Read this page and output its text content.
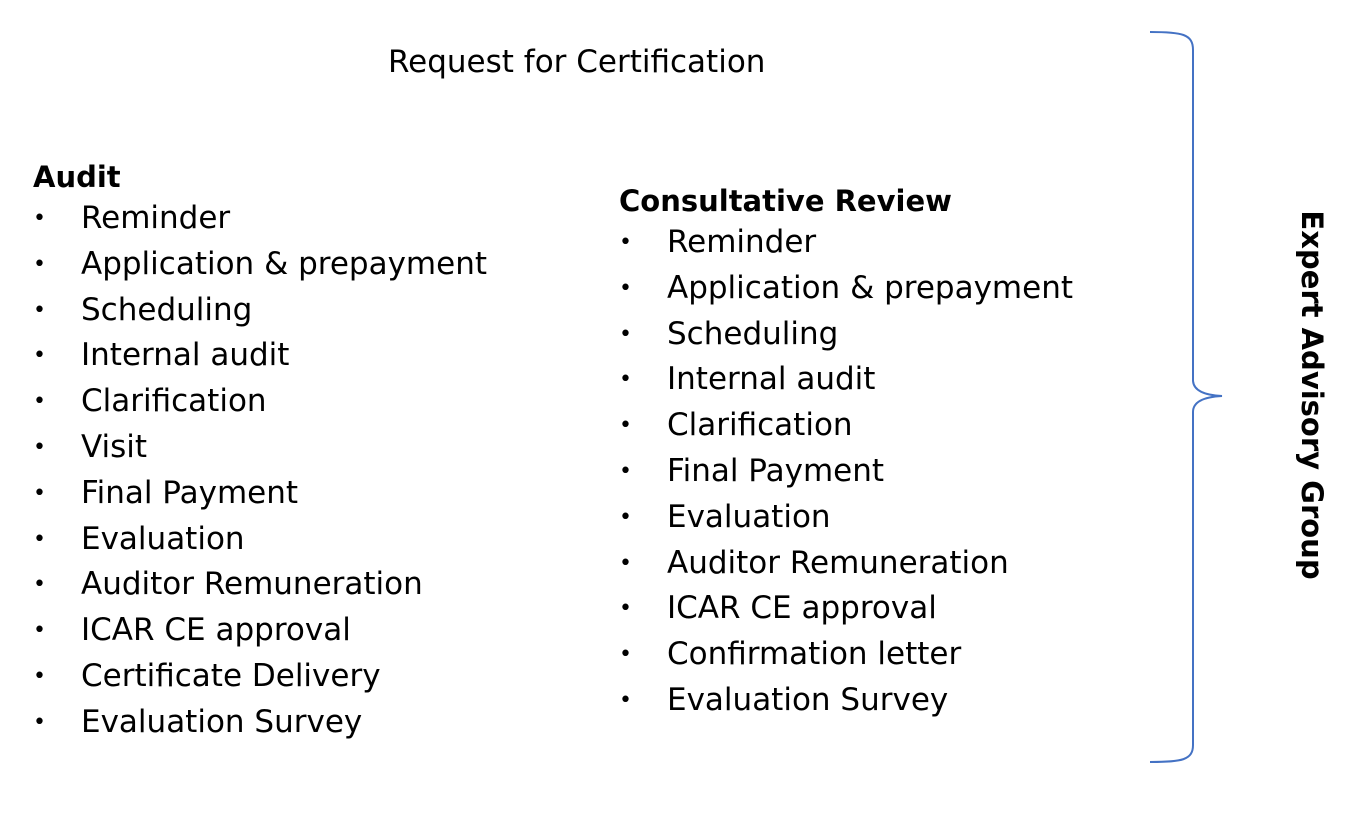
Request for Certification
Audit
• Reminder
• Application & prepayment
• Scheduling
• Internal audit
• Clarification
• Visit
• Final Payment
• Evaluation
• Auditor Remuneration
• ICAR CE approval
• Certificate Delivery
• Evaluation Survey
Consultative Review
• Reminder
• Application & prepayment
• Scheduling
• Internal audit
• Clarification
• Final Payment
• Evaluation
• Auditor Remuneration
• ICAR CE approval
• Confirmation letter
• Evaluation Survey
Expert Advisory Group
